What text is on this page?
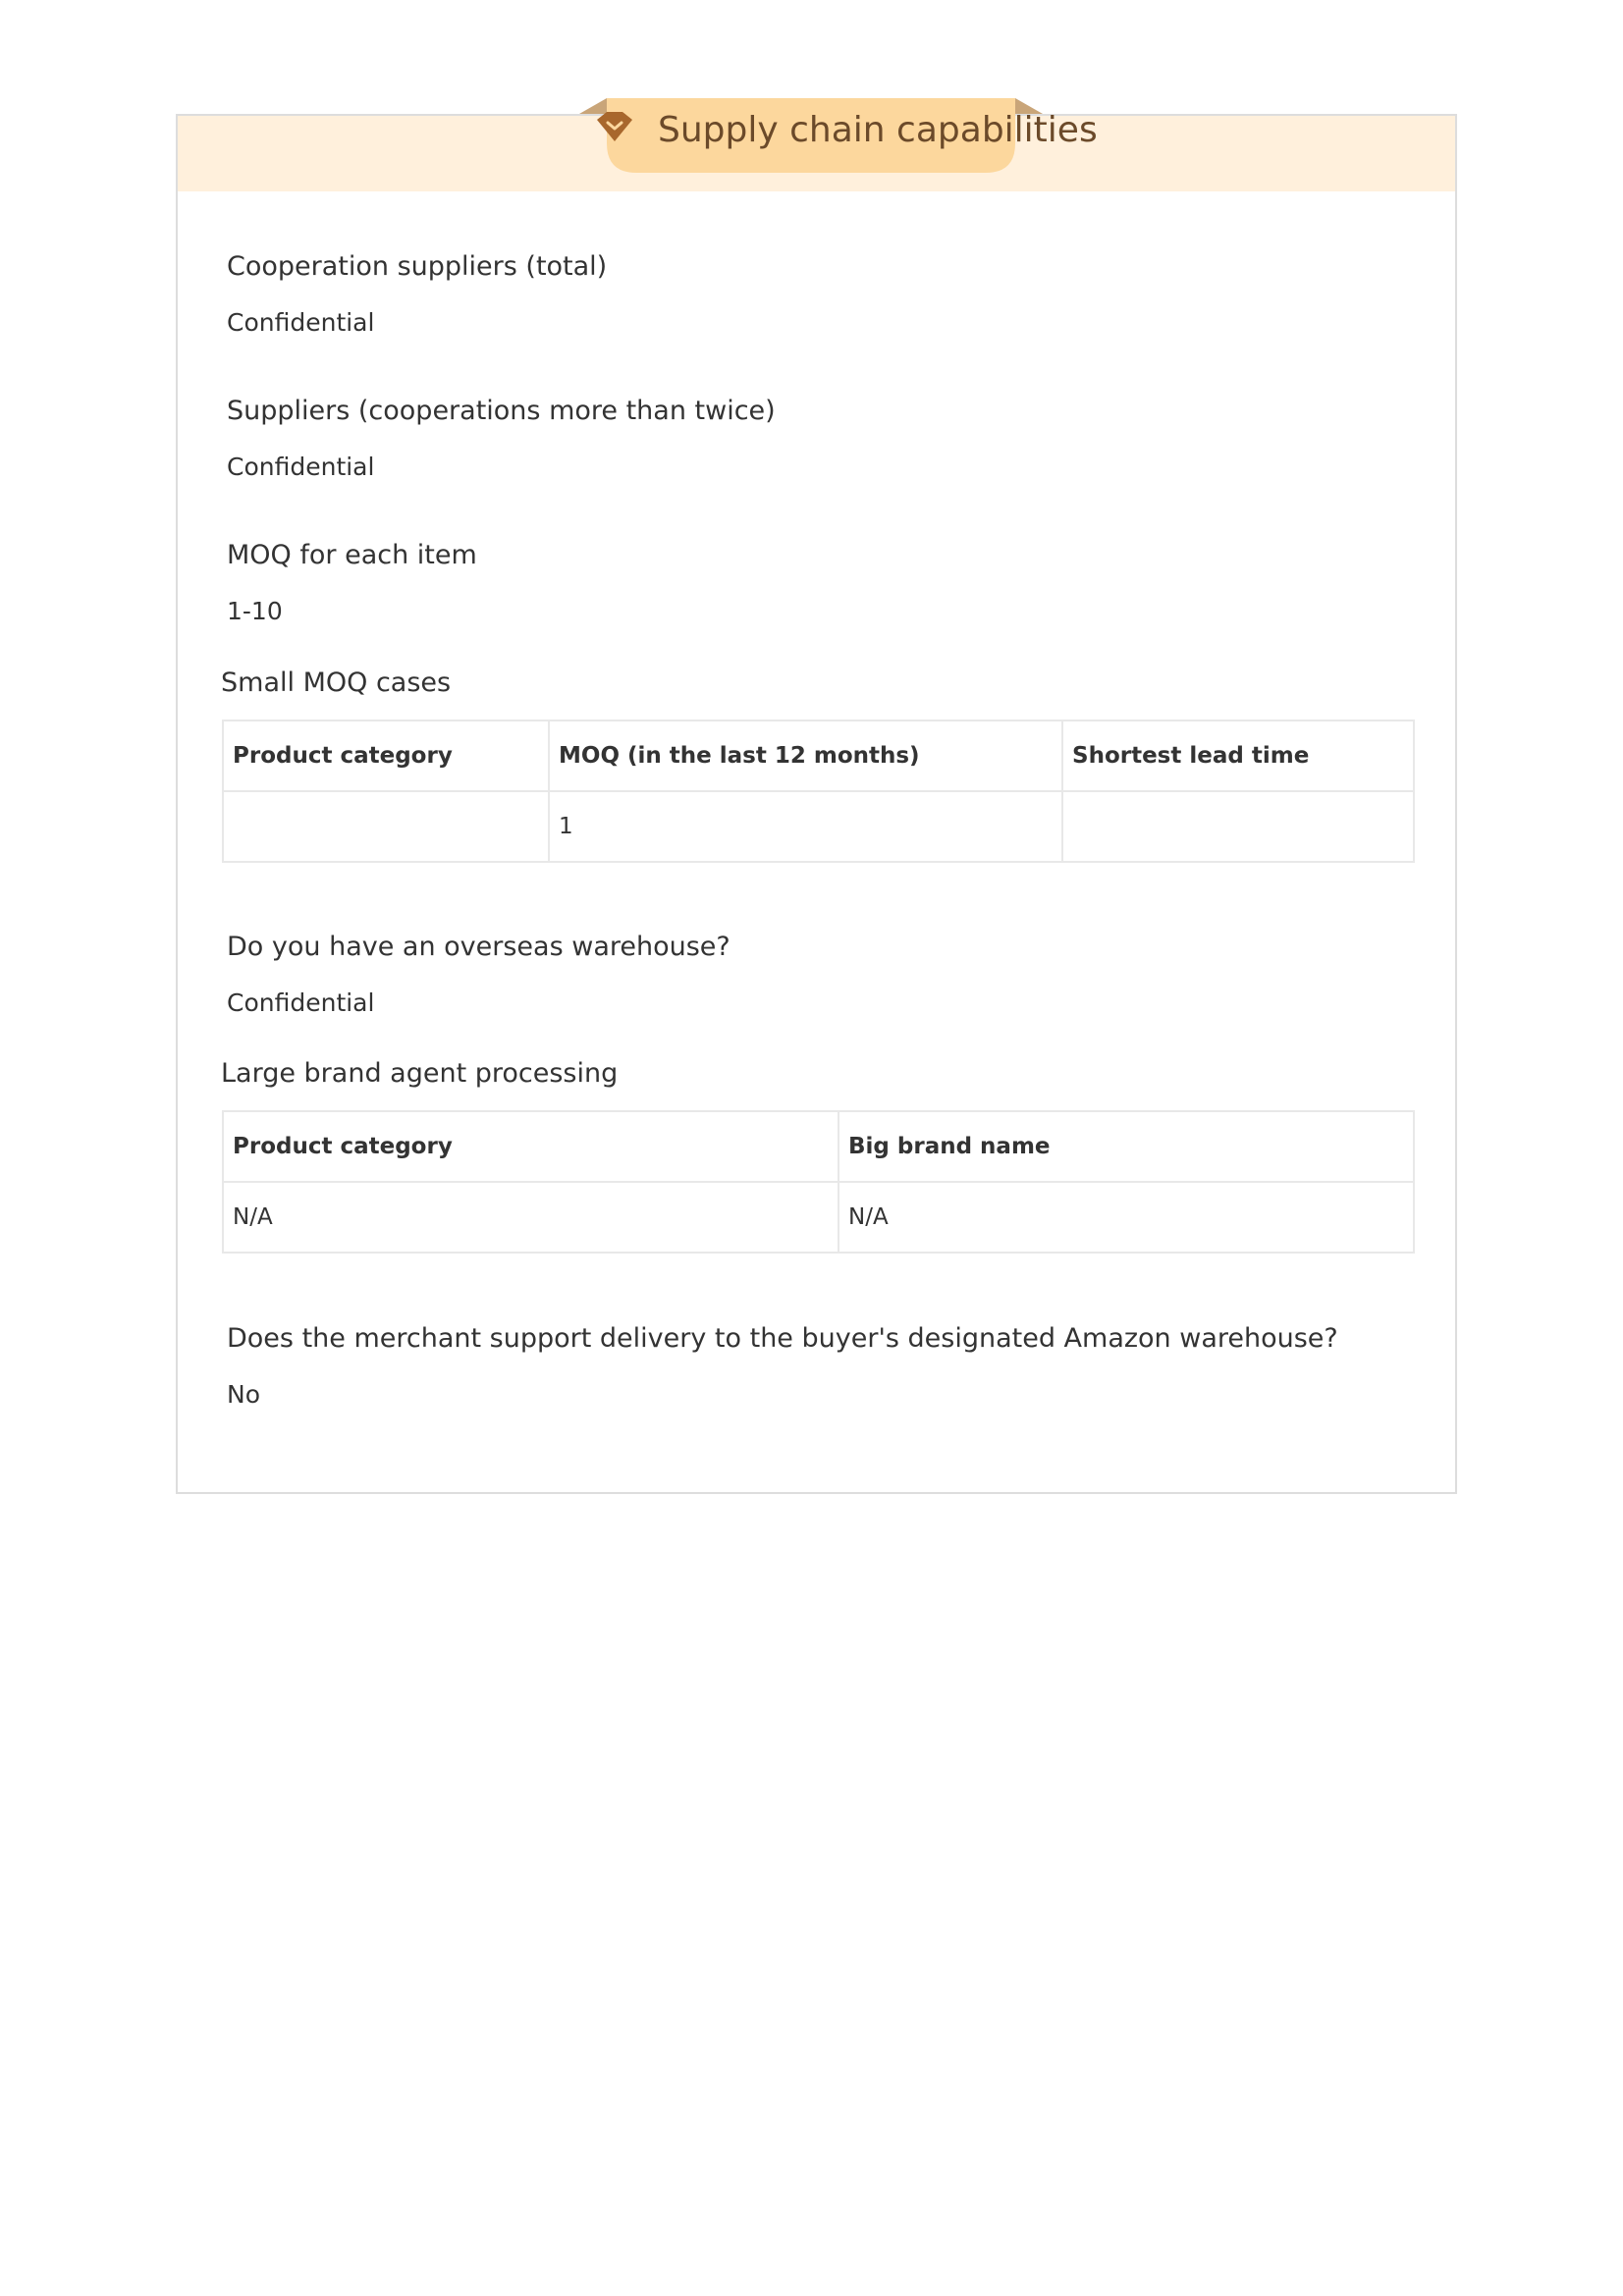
Supply chain capabilities
Cooperation suppliers (total)
Confidential
Suppliers (cooperations more than twice)
Confidential
MOQ for each item
1-10
Small MOQ cases
Product category	MOQ (in the last 12 months)	Shortest lead time
	1	
Do you have an overseas warehouse?
Confidential
Large brand agent processing
Product category	Big brand name
N/A	N/A
Does the merchant support delivery to the buyer's designated Amazon warehouse?
No
